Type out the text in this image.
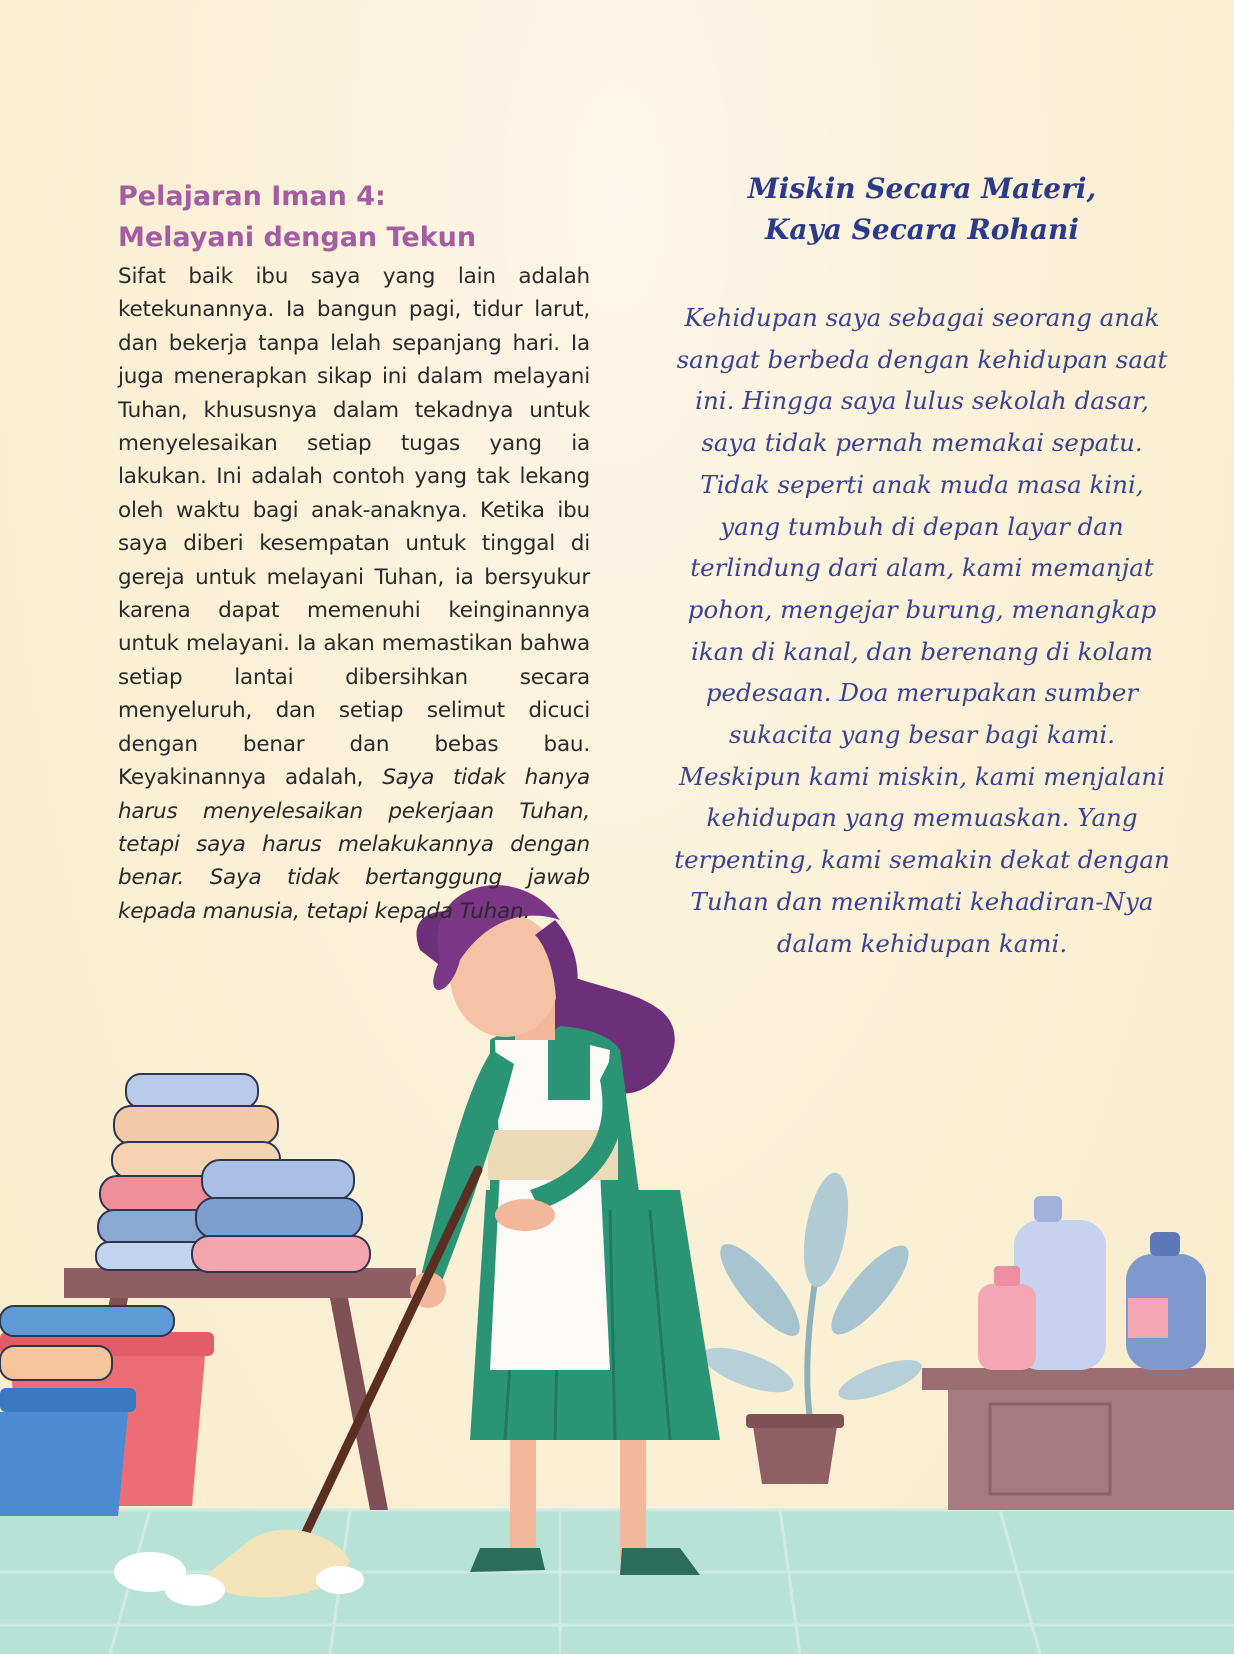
Pelajaran Iman 4:
Melayani dengan Tekun

Sifat baik ibu saya yang lain adalah ketekunannya. Ia bangun pagi, tidur larut, dan bekerja tanpa lelah sepanjang hari. Ia juga menerapkan sikap ini dalam melayani Tuhan, khususnya dalam tekadnya untuk menyelesaikan setiap tugas yang ia lakukan. Ini adalah contoh yang tak lekang oleh waktu bagi anak-anaknya. Ketika ibu saya diberi kesempatan untuk tinggal di gereja untuk melayani Tuhan, ia bersyukur karena dapat memenuhi keinginannya untuk melayani. Ia akan memastikan bahwa setiap lantai dibersihkan secara menyeluruh, dan setiap selimut dicuci dengan benar dan bebas bau. Keyakinannya adalah, Saya tidak hanya harus menyelesaikan pekerjaan Tuhan, tetapi saya harus melakukannya dengan benar. Saya tidak bertanggung jawab kepada manusia, tetapi kepada Tuhan.

Miskin Secara Materi,
Kaya Secara Rohani

Kehidupan saya sebagai seorang anak sangat berbeda dengan kehidupan saat ini. Hingga saya lulus sekolah dasar, saya tidak pernah memakai sepatu. Tidak seperti anak muda masa kini, yang tumbuh di depan layar dan terlindung dari alam, kami memanjat pohon, mengejar burung, menangkap ikan di kanal, dan berenang di kolam pedesaan. Doa merupakan sumber sukacita yang besar bagi kami. Meskipun kami miskin, kami menjalani kehidupan yang memuaskan. Yang terpenting, kami semakin dekat dengan Tuhan dan menikmati kehadiran-Nya dalam kehidupan kami.
